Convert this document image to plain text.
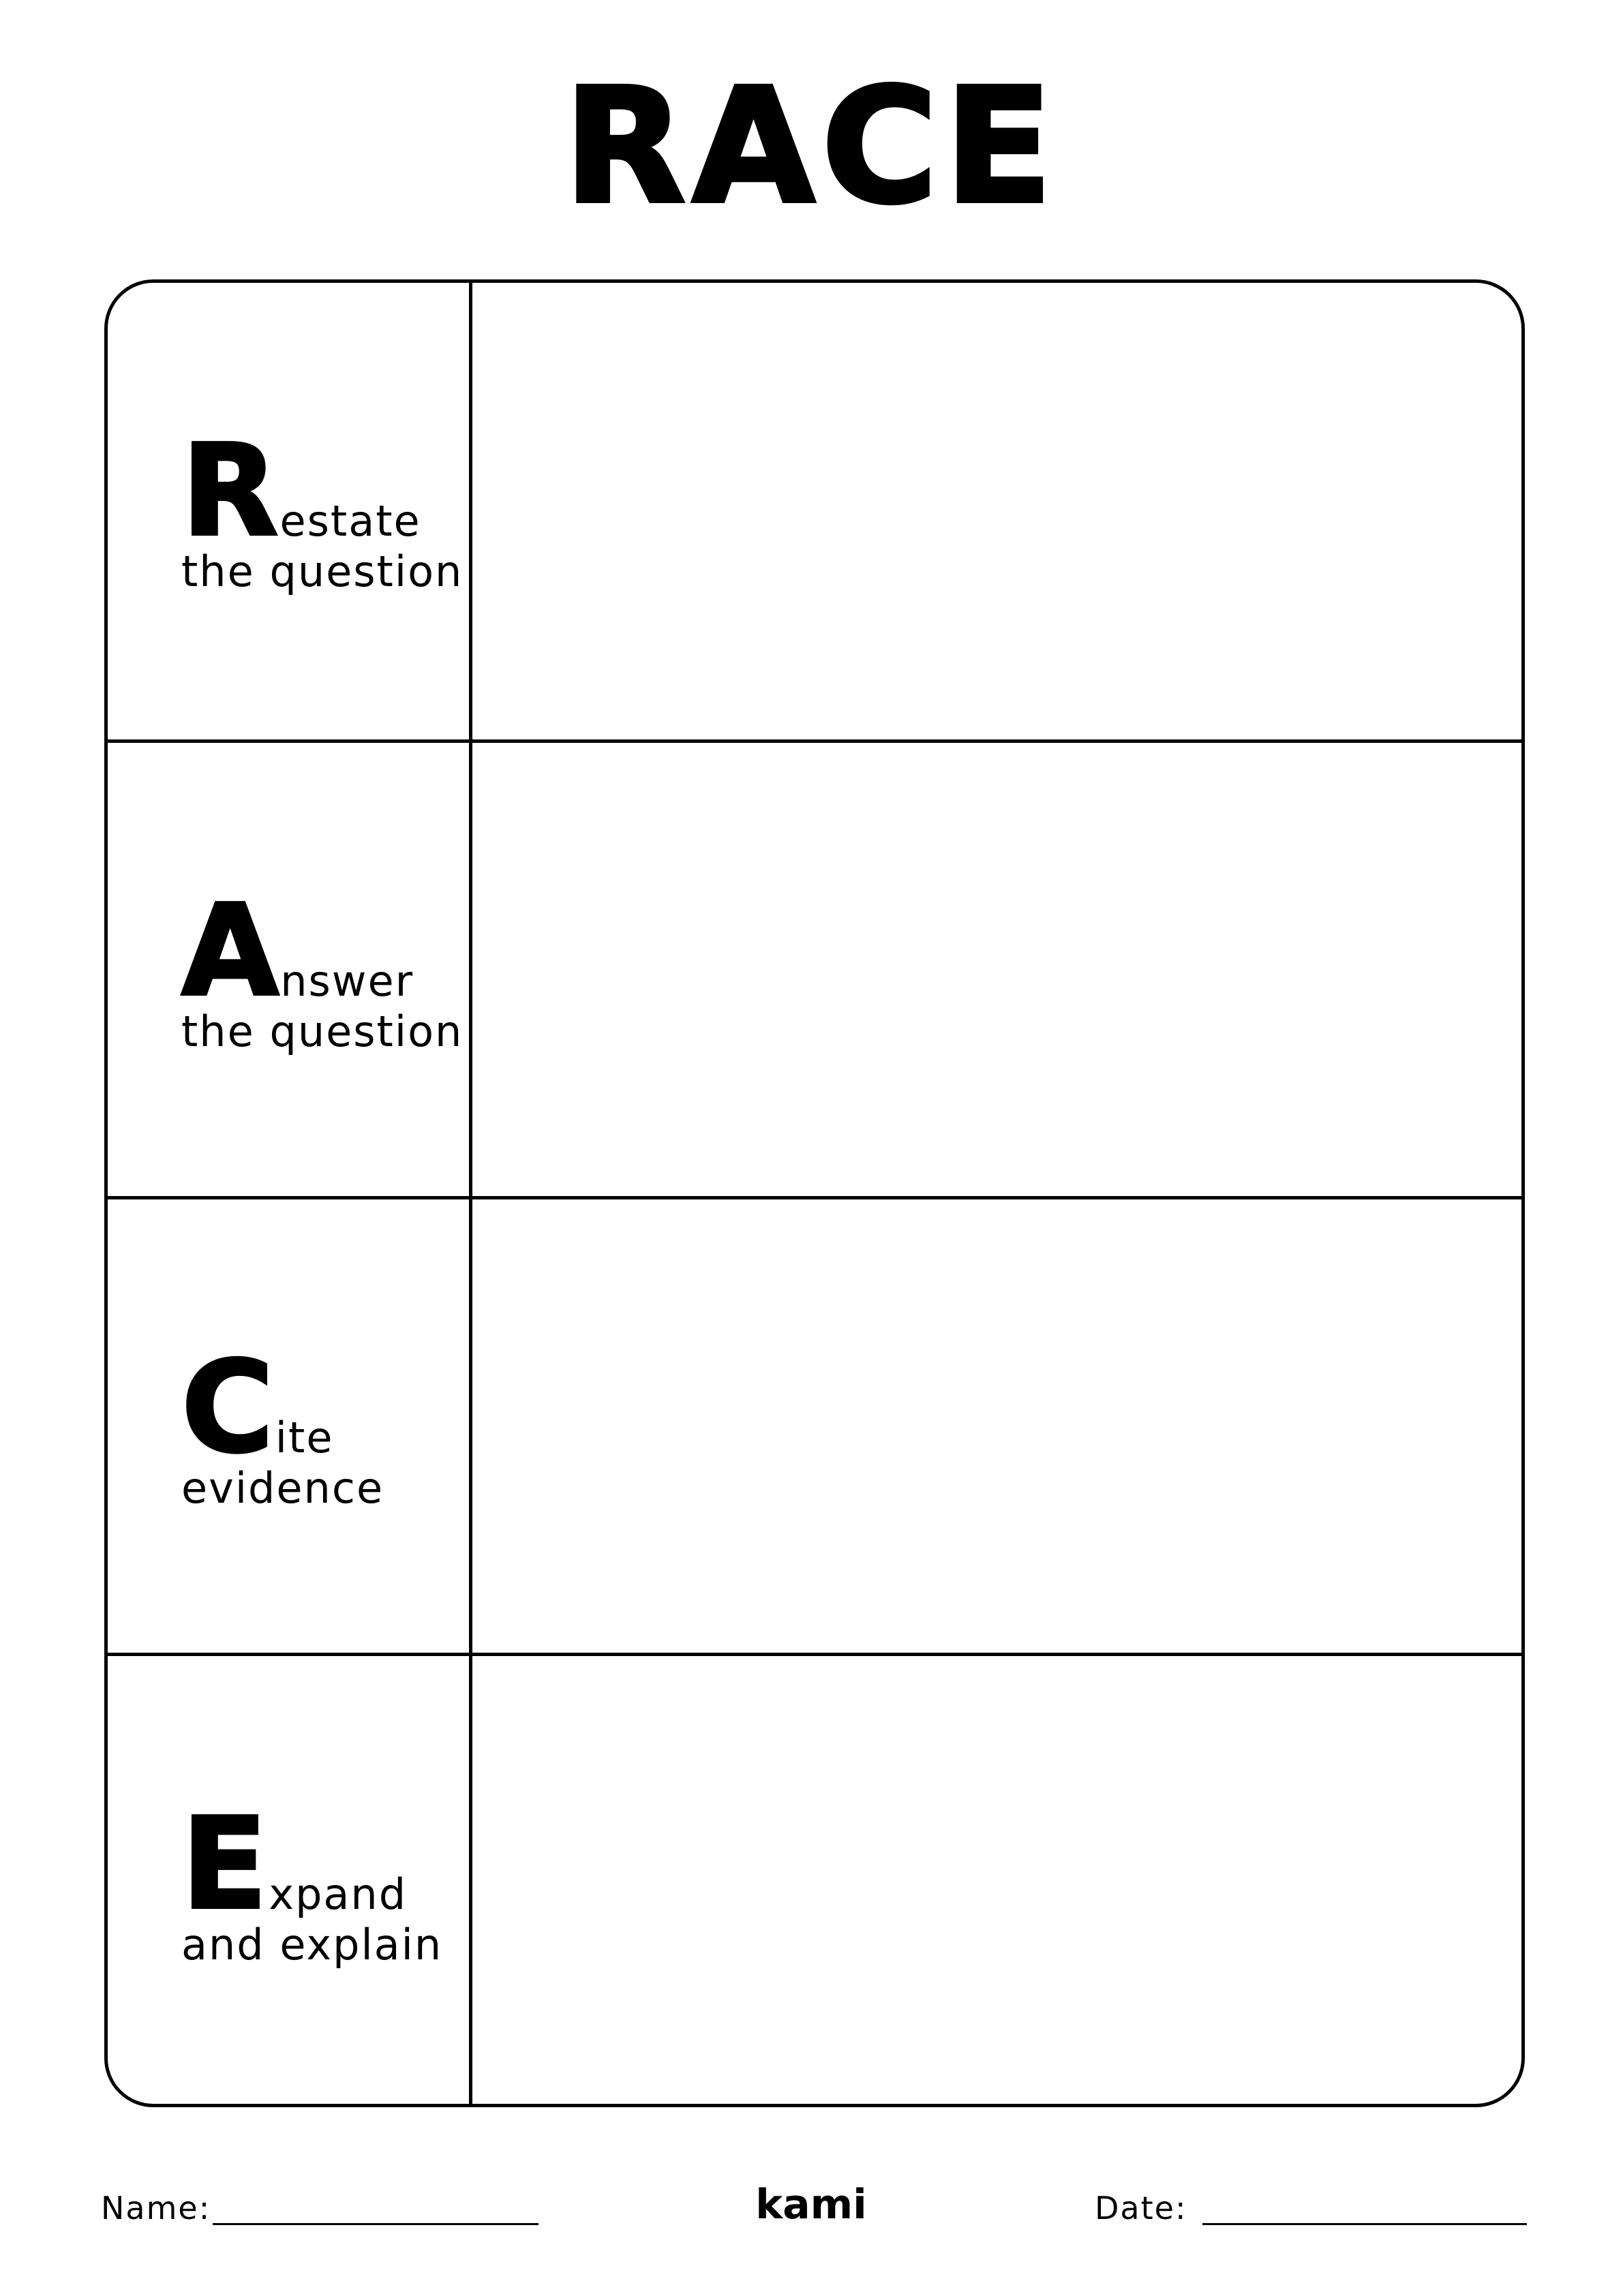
RACE
R estate
the question
A nswer
the question
C ite
evidence
E xpand
and explain
Name:	kami	Date:
